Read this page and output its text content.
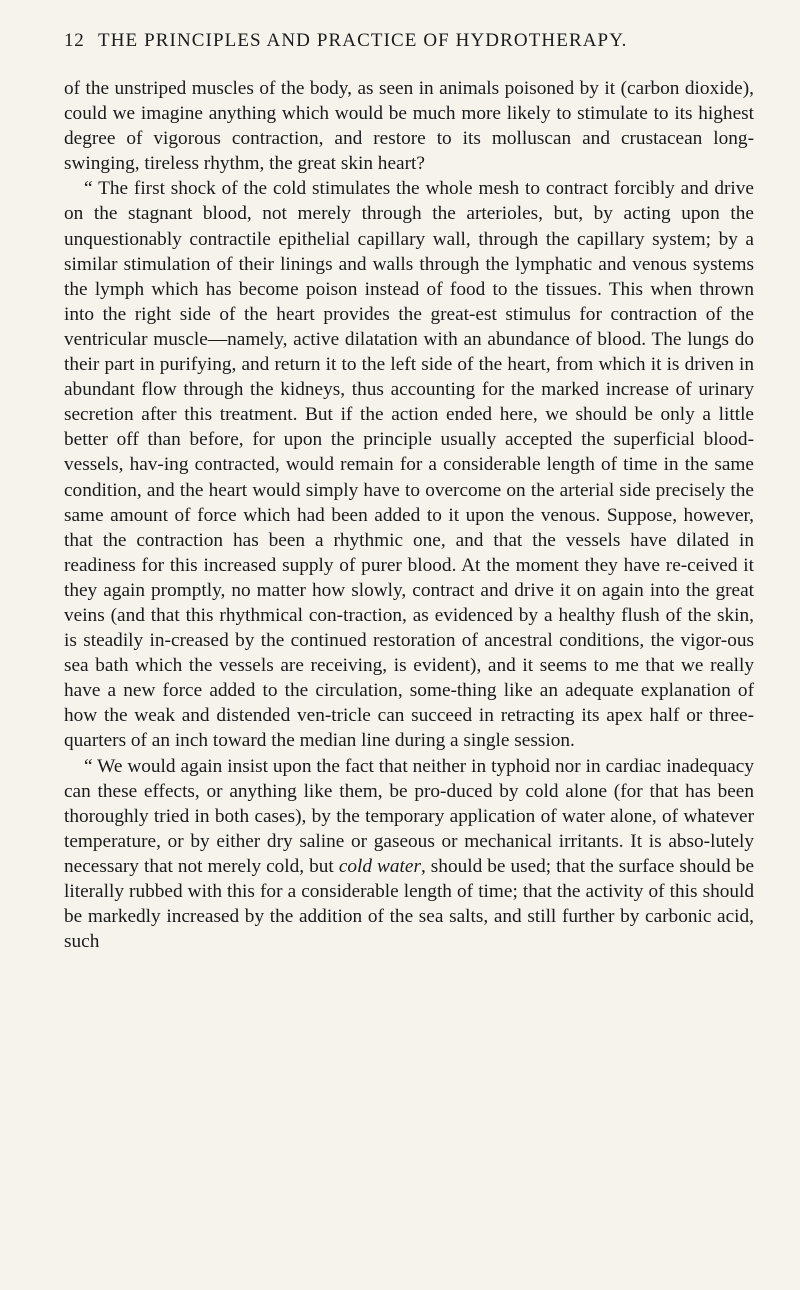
12 THE PRINCIPLES AND PRACTICE OF HYDROTHERAPY.

of the unstriped muscles of the body, as seen in animals poisoned by it (carbon dioxide), could we imagine anything which would be much more likely to stimulate to its highest degree of vigorous contraction, and restore to its molluscan and crustacean long-swinging, tireless rhythm, the great skin heart?

“ The first shock of the cold stimulates the whole mesh to contract forcibly and drive on the stagnant blood, not merely through the arterioles, but, by acting upon the unquestionably contractile epithelial capillary wall, through the capillary system; by a similar stimulation of their linings and walls through the lymphatic and venous systems the lymph which has become poison instead of food to the tissues. This when thrown into the right side of the heart provides the great-est stimulus for contraction of the ventricular muscle—namely, active dilatation with an abundance of blood. The lungs do their part in purifying, and return it to the left side of the heart, from which it is driven in abundant flow through the kidneys, thus accounting for the marked increase of urinary secretion after this treatment. But if the action ended here, we should be only a little better off than before, for upon the principle usually accepted the superficial blood-vessels, hav-ing contracted, would remain for a considerable length of time in the same condition, and the heart would simply have to overcome on the arterial side precisely the same amount of force which had been added to it upon the venous. Suppose, however, that the contraction has been a rhythmic one, and that the vessels have dilated in readiness for this increased supply of purer blood. At the moment they have re-ceived it they again promptly, no matter how slowly, contract and drive it on again into the great veins (and that this rhythmical con-traction, as evidenced by a healthy flush of the skin, is steadily in-creased by the continued restoration of ancestral conditions, the vigor-ous sea bath which the vessels are receiving, is evident), and it seems to me that we really have a new force added to the circulation, some-thing like an adequate explanation of how the weak and distended ven-tricle can succeed in retracting its apex half or three-quarters of an inch toward the median line during a single session.

“ We would again insist upon the fact that neither in typhoid nor in cardiac inadequacy can these effects, or anything like them, be pro-duced by cold alone (for that has been thoroughly tried in both cases), by the temporary application of water alone, of whatever temperature, or by either dry saline or gaseous or mechanical irritants. It is abso-lutely necessary that not merely cold, but cold water, should be used; that the surface should be literally rubbed with this for a considerable length of time; that the activity of this should be markedly increased by the addition of the sea salts, and still further by carbonic acid, such
